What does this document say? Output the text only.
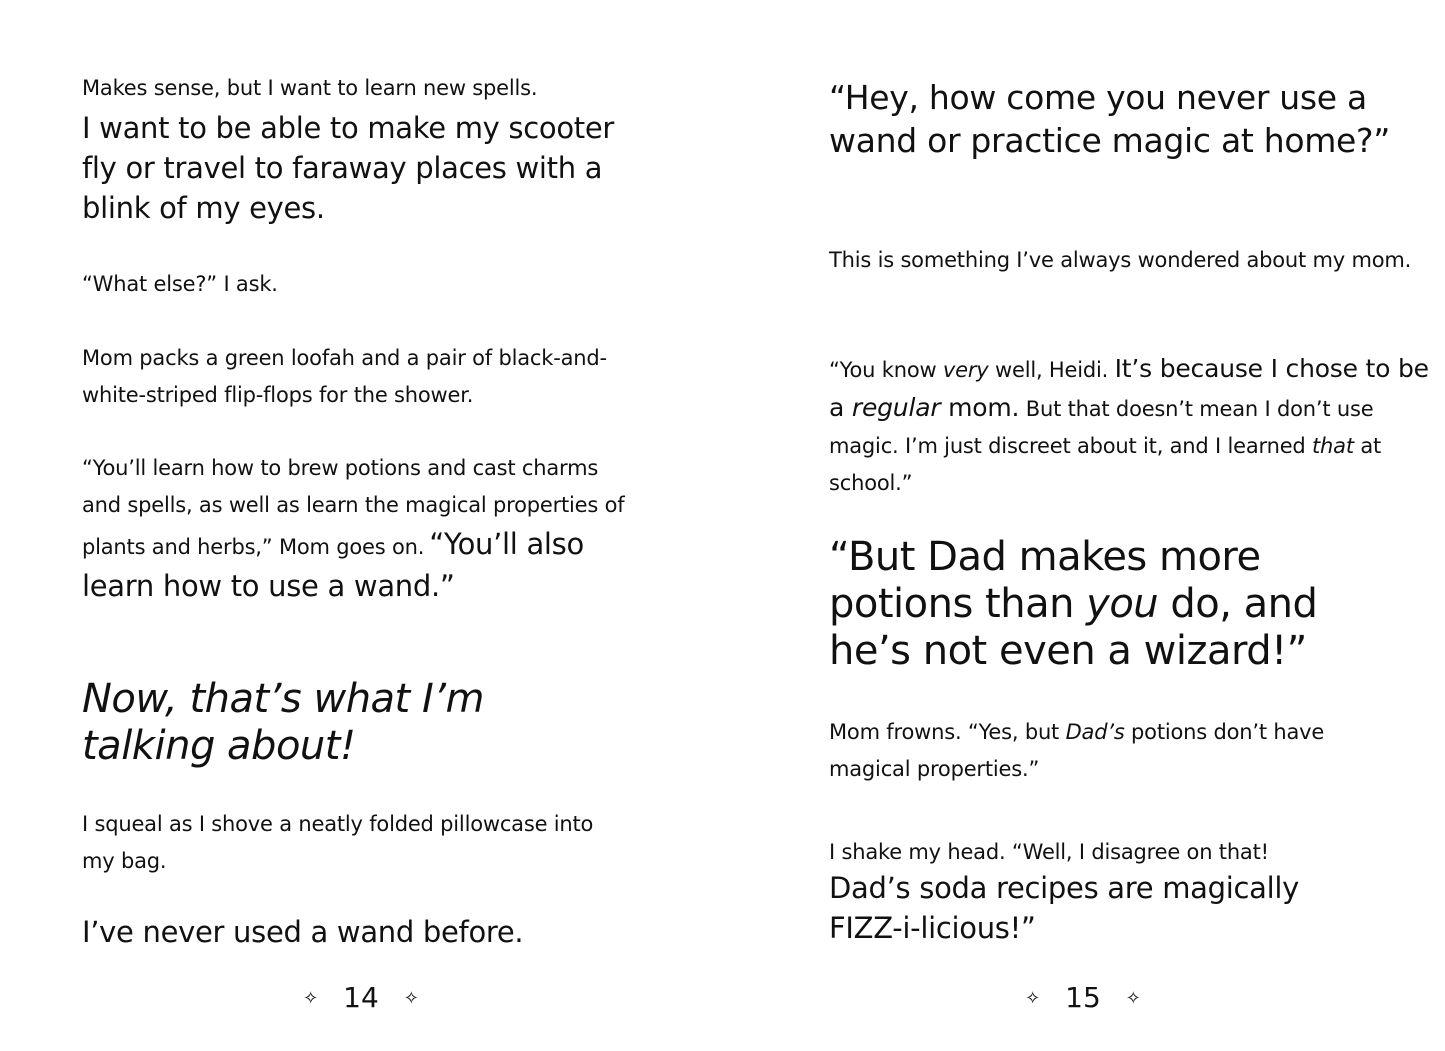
Makes sense, but I want to learn new spells.

I want to be able to make my scooter fly or travel to faraway places with a blink of my eyes.

“What else?” I ask.

Mom packs a green loofah and a pair of black-and-white-striped flip-flops for the shower.

“You’ll learn how to brew potions and cast charms and spells, as well as learn the magical properties of plants and herbs,” Mom goes on. “You’ll also learn how to use a wand.”

Now, that’s what I’m talking about!

I squeal as I shove a neatly folded pillowcase into my bag.

I’ve never used a wand before.

✧ 14 ✧

“Hey, how come you never use a wand or practice magic at home?”

This is something I’ve always wondered about my mom.

“You know very well, Heidi. It’s because I chose to be a regular mom. But that doesn’t mean I don’t use magic. I’m just discreet about it, and I learned that at school.”
“But Dad makes more potions than you do, and he’s not even a wizard!”
Mom frowns. “Yes, but Dad’s potions don’t have magical properties.”

I shake my head. “Well, I disagree on that!

Dad’s soda recipes are magically FIZZ-i-licious!”

✧ 15 ✧
